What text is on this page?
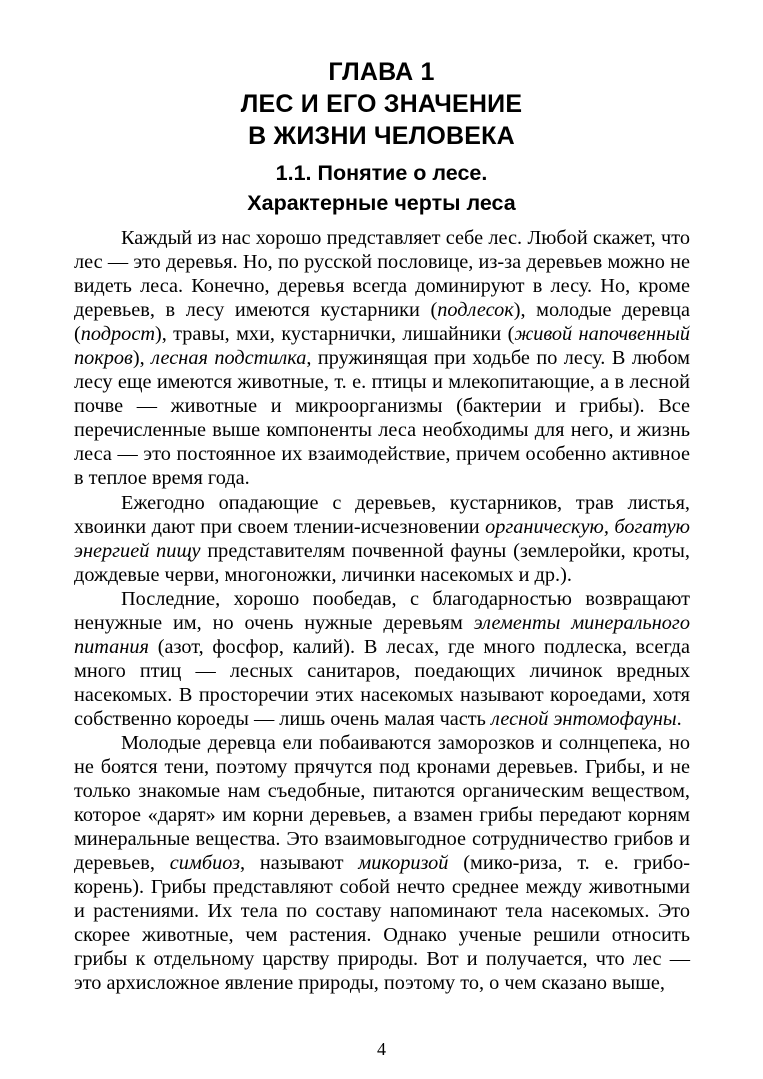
ГЛАВА 1
ЛЕС И ЕГО ЗНАЧЕНИЕ
В ЖИЗНИ ЧЕЛОВЕКА
1.1. Понятие о лесе.
Характерные черты леса

Каждый из нас хорошо представляет себе лес. Любой скажет, что лес — это деревья. Но, по русской пословице, из-за деревьев можно не видеть леса. Конечно, деревья всегда доминируют в лесу. Но, кроме деревьев, в лесу имеются кустарники (подлесок), молодые деревца (подрост), травы, мхи, кустарнички, лишайники (живой напочвенный покров), лесная подстилка, пружинящая при ходьбе по лесу. В любом лесу еще имеются животные, т. е. птицы и млекопитающие, а в лесной почве — животные и микроорганизмы (бактерии и грибы). Все перечисленные выше компоненты леса необходимы для него, и жизнь леса — это постоянное их взаимодействие, причем особенно активное в теплое время года.

Ежегодно опадающие с деревьев, кустарников, трав листья, хвоинки дают при своем тлении-исчезновении органическую, богатую энергией пищу представителям почвенной фауны (землеройки, кроты, дождевые черви, многоножки, личинки насекомых и др.).

Последние, хорошо пообедав, с благодарностью возвращают ненужные им, но очень нужные деревьям элементы минерального питания (азот, фосфор, калий). В лесах, где много подлеска, всегда много птиц — лесных санитаров, поедающих личинок вредных насекомых. В просторечии этих насекомых называют короедами, хотя собственно короеды — лишь очень малая часть лесной энтомофауны.

Молодые деревца ели побаиваются заморозков и солнцепека, но не боятся тени, поэтому прячутся под кронами деревьев. Грибы, и не только знакомые нам съедобные, питаются органическим веществом, которое «дарят» им корни деревьев, а взамен грибы передают корням минеральные вещества. Это взаимовыгодное сотрудничество грибов и деревьев, симбиоз, называют микоризой (мико-риза, т. е. грибо-корень). Грибы представляют собой нечто среднее между животными и растениями. Их тела по составу напоминают тела насекомых. Это скорее животные, чем растения. Однако ученые решили относить грибы к отдельному царству природы. Вот и получается, что лес — это архисложное явление природы, поэтому то, о чем сказано выше,

4
